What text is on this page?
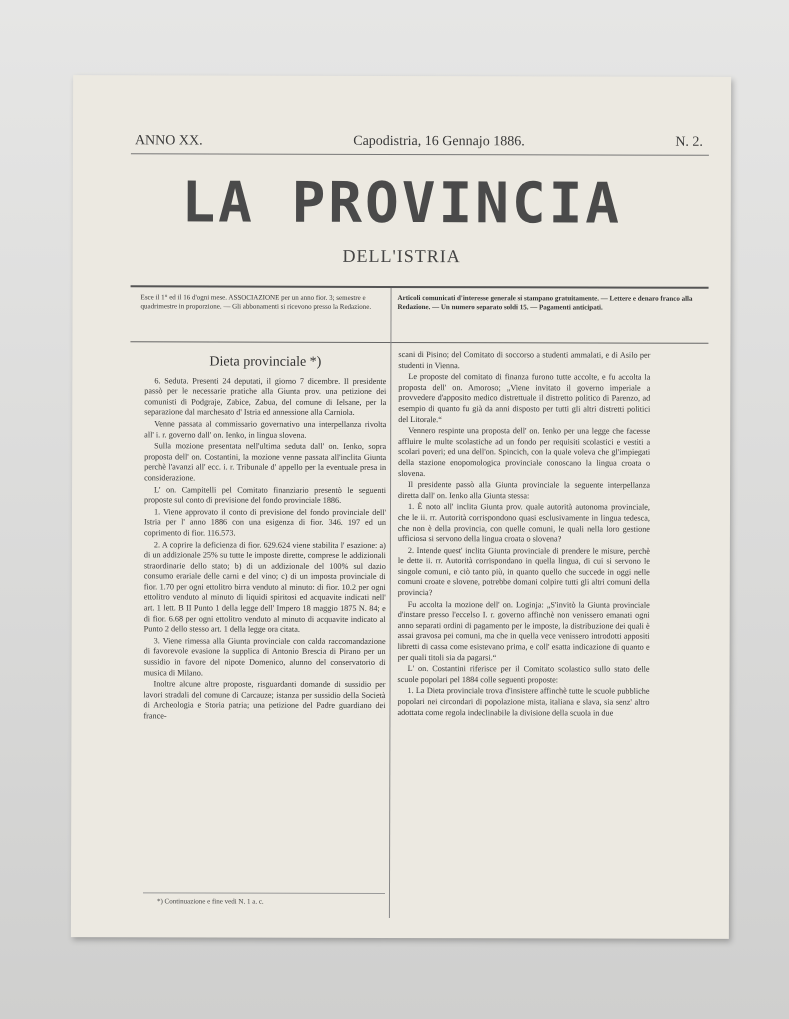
ANNO XX.	Capodistria, 16 Gennajo 1886.	N. 2.
LA PROVINCIA
DELL'ISTRIA
Esce il 1° ed il 16 d'ogni mese. ASSOCIAZIONE per un anno fior. 3; semestre e quadrimestre in proporzione. — Gli abbonamenti si ricevono presso la Redazione.
Articoli comunicati d'interesse generale si stampano gratuitamente. — Lettere e denaro franco alla Redazione. — Un numero separato soldi 15. — Pagamenti anticipati.
Dieta provinciale *)

6. Seduta. Presenti 24 deputati, il giorno 7 dicembre. Il presidente passò per le necessarie pratiche alla Giunta prov. una petizione dei comunisti di Podgraje, Zabice, Zabua, del comune di Ielsane, per la separazione dal marchesato d' Istria ed annessione alla Carniola.

Venne passata al commissario governativo una interpellanza rivolta all' i. r. governo dall' on. Ienko, in lingua slovena.

Sulla mozione presentata nell'ultima seduta dall' on. Ienko, sopra proposta dell' on. Costantini, la mozione venne passata all'inclita Giunta perchè l'avanzi all' ecc. i. r. Tribunale d' appello per la eventuale presa in considerazione.

L' on. Campitelli pel Comitato finanziario presentò le seguenti proposte sul conto di previsione del fondo provinciale 1886.

1. Viene approvato il conto di previsione del fondo provinciale dell' Istria per l' anno 1886 con una esigenza di fior. 346. 197 ed un coprimento di fior. 116.573.

2. A coprire la deficienza di fior. 629.624 viene stabilita l' esazione: a) di un addizionale 25% su tutte le imposte dirette, comprese le addizionali straordinarie dello stato; b) di un addizionale del 100% sul dazio consumo erariale delle carni e del vino; c) di un imposta provinciale di fior. 1.70 per ogni ettolitro birra venduto al minuto: di fior. 10.2 per ogni ettolitro venduto al minuto di liquidi spiritosi ed acquavite indicati nell' art. 1 lett. B II Punto 1 della legge dell' Impero 18 maggio 1875 N. 84; e di fior. 6.68 per ogni ettolitro venduto al minuto di acquavite indicato al Punto 2 dello stesso art. 1 della legge ora citata.

3. Viene rimessa alla Giunta provinciale con calda raccomandazione di favorevole evasione la supplica di Antonio Brescia di Pirano per un sussidio in favore del nipote Domenico, alunno del conservatorio di musica di Milano.

Inoltre alcune altre proposte, risguardanti domande di sussidio per lavori stradali del comune di Carcauze; istanza per sussidio della Società di Archeologia e Storia patria; una petizione del Padre guardiano dei france-

*) Continuazione e fine vedi N. 1 a. c.

scani di Pisino; del Comitato di soccorso a studenti ammalati, e di Asilo per studenti in Vienna.

Le proposte del comitato di finanza furono tutte accolte, e fu accolta la proposta dell' on. Amoroso; „Viene invitato il governo imperiale a provvedere d'apposito medico distrettuale il distretto politico di Parenzo, ad esempio di quanto fu già da anni disposto per tutti gli altri distretti politici del Litorale.“

Vennero respinte una proposta dell' on. Ienko per una legge che facesse affluire le multe scolastiche ad un fondo per requisiti scolastici e vestiti a scolari poveri; ed una dell'on. Spincich, con la quale voleva che gl'impiegati della stazione enopomologica provinciale conoscano la lingua croata o slovena.

Il presidente passò alla Giunta provinciale la seguente interpellanza diretta dall' on. Ienko alla Giunta stessa:

1. È noto all' inclita Giunta prov. quale autorità autonoma provinciale, che le ii. rr. Autorità corrispondono quasi esclusivamente in lingua tedesca, che non è della provincia, con quelle comuni, le quali nella loro gestione ufficiosa si servono della lingua croata o slovena?

2. Intende quest' inclita Giunta provinciale di prendere le misure, perchè le dette ii. rr. Autorità corrispondano in quella lingua, di cui si servono le singole comuni, e ciò tanto più, in quanto quello che succede in oggi nelle comuni croate e slovene, potrebbe domani colpire tutti gli altri comuni della provincia?

Fu accolta la mozione dell' on. Loginja: „S'invitò la Giunta provinciale d'instare presso l'eccelso I. r. governo affinchè non venissero emanati ogni anno separati ordini di pagamento per le imposte, la distribuzione dei quali è assai gravosa pei comuni, ma che in quella vece venissero introdotti appositi libretti di cassa come esistevano prima, e coll' esatta indicazione di quanto e per quali titoli sia da pagarsi.“

L' on. Costantini riferisce per il Comitato scolastico sullo stato delle scuole popolari pel 1884 colle seguenti proposte:

1. La Dieta provinciale trova d'insistere affinchè tutte le scuole pubbliche popolari nei circondari di popolazione mista, italiana e slava, sia senz' altro adottata come regola indeclinabile la divisione della scuola in due
